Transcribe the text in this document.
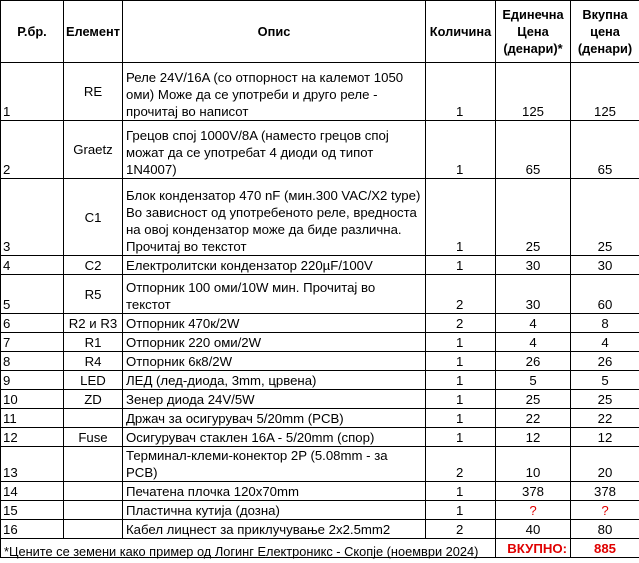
Р.бр.	Елемент	Опис	Количина	Единечна Цена (денари)*	Вкупна цена (денари)
1	RE	Реле 24V/16A (со отпорност на калемот 1050 оми) Може да се употреби и друго реле - прочитај во написот	1	125	125
2	Graetz	Грецов спој 1000V/8A (наместо грецов спој можат да се употребат 4 диоди од типот 1N4007)	1	65	65
3	C1	Блок кондензатор 470 nF (мин.300 VAC/X2 type) Во зависност од употребеното реле, вредноста на овој кондензатор може да биде различна. Прочитај во текстот	1	25	25
4	C2	Електролитски кондензатор 220µF/100V	1	30	30
5	R5	Отпорник 100 оми/10W мин. Прочитај во текстот	2	30	60
6	R2 и R3	Отпорник 470к/2W	2	4	8
7	R1	Отпорник 220 оми/2W	1	4	4
8	R4	Отпорник 6к8/2W	1	26	26
9	LED	ЛЕД (лед-диода, 3mm, црвена)	1	5	5
10	ZD	Зенер диода 24V/5W	1	25	25
11		Држач за осигурувач 5/20mm (PCB)	1	22	22
12	Fuse	Осигурувач стаклен 16A - 5/20mm (спор)	1	12	12
13		Терминал-клеми-конектор 2P (5.08mm - за PCB)	2	10	20
14		Печатена плочка 120x70mm	1	378	378
15		Пластична кутија (дозна)	1	?	?
16		Кабел лицнест за приклучување 2x2.5mm2	2	40	80
				ВКУПНО:	885
*Цените се земени како пример од Логинг Електроникс - Скопје (ноември 2024)
